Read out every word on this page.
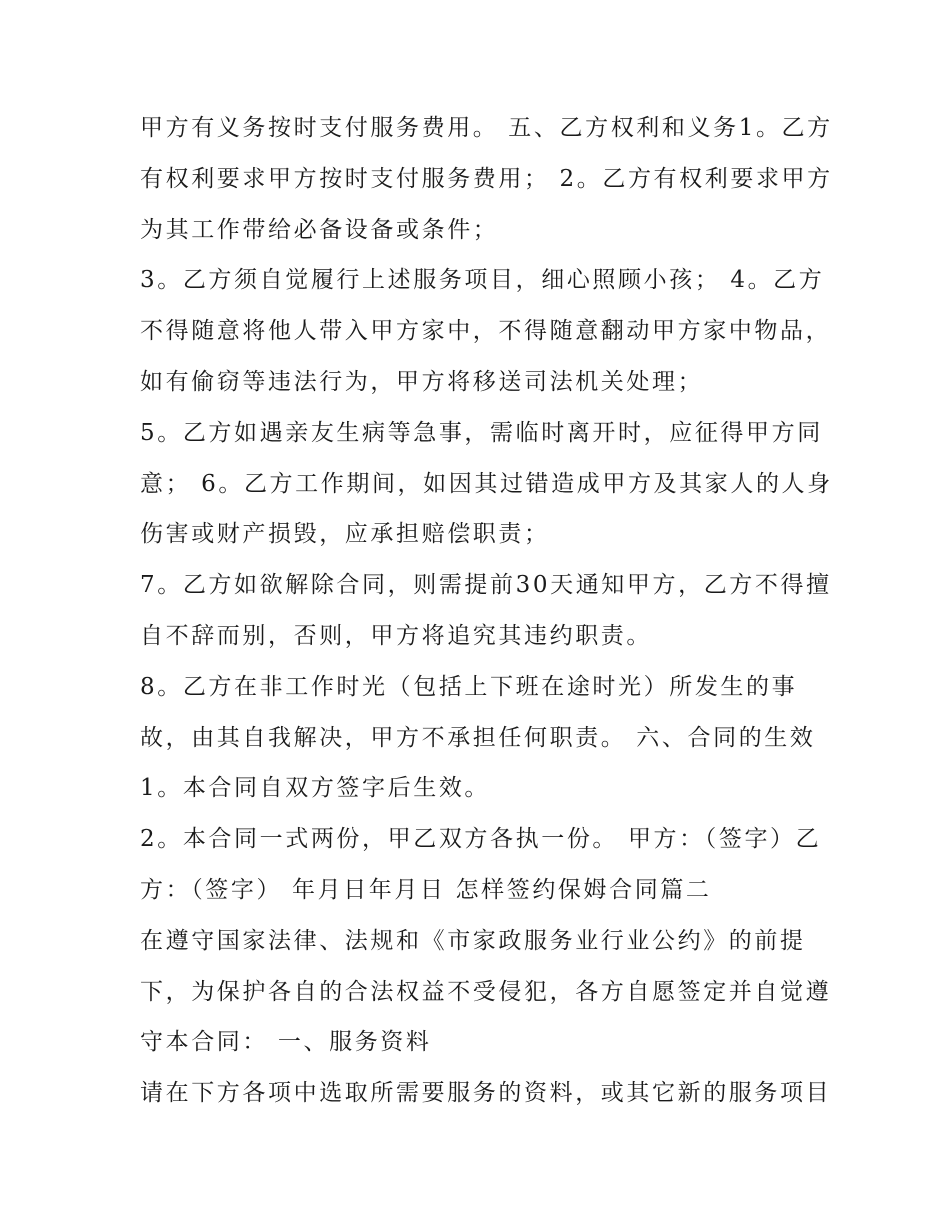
甲方有义务按时支付服务费用。 五、乙方权利和义务1。乙方
有权利要求甲方按时支付服务费用； 2。乙方有权利要求甲方
为其工作带给必备设备或条件；
3。乙方须自觉履行上述服务项目，细心照顾小孩； 4。乙方
不得随意将他人带入甲方家中，不得随意翻动甲方家中物品，
如有偷窃等违法行为，甲方将移送司法机关处理；
5。乙方如遇亲友生病等急事，需临时离开时，应征得甲方同
意； 6。乙方工作期间，如因其过错造成甲方及其家人的人身
伤害或财产损毁，应承担赔偿职责；
7。乙方如欲解除合同，则需提前30天通知甲方，乙方不得擅
自不辞而别，否则，甲方将追究其违约职责。
8。乙方在非工作时光（包括上下班在途时光）所发生的事
故，由其自我解决，甲方不承担任何职责。 六、合同的生效
1。本合同自双方签字后生效。
2。本合同一式两份，甲乙双方各执一份。 甲方：（签字）乙
方：（签字） 年月日年月日 怎样签约保姆合同篇二
在遵守国家法律、法规和《市家政服务业行业公约》的前提
下，为保护各自的合法权益不受侵犯，各方自愿签定并自觉遵
守本合同： 一、服务资料
请在下方各项中选取所需要服务的资料，或其它新的服务项目
